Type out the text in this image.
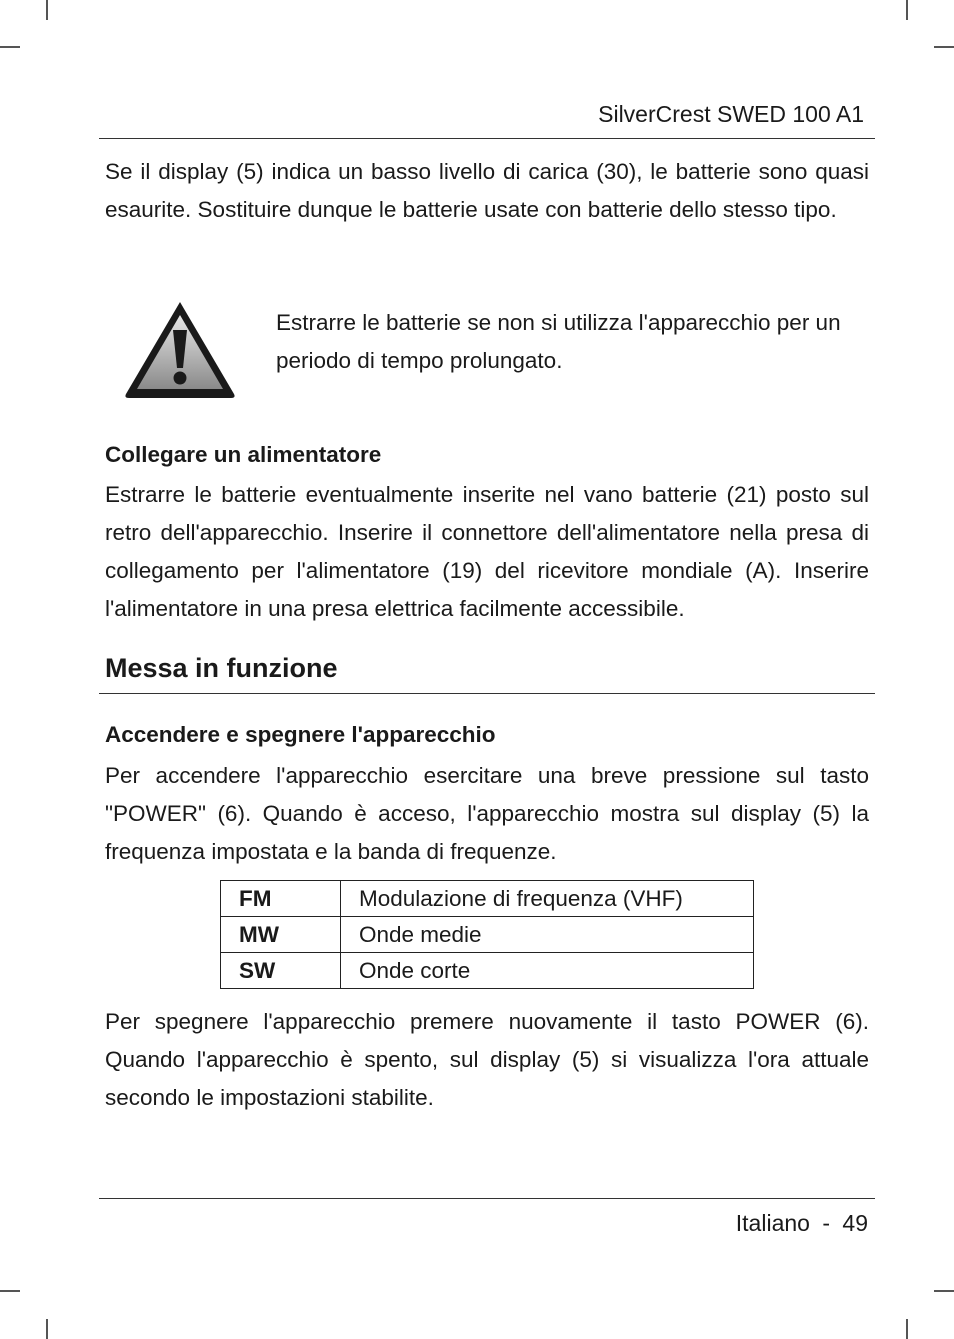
SilverCrest SWED 100 A1

Se il display (5) indica un basso livello di carica (30), le batterie sono quasi esaurite. Sostituire dunque le batterie usate con batterie dello stesso tipo.

Estrarre le batterie se non si utilizza l'apparecchio per un periodo di tempo prolungato.

Collegare un alimentatore

Estrarre le batterie eventualmente inserite nel vano batterie (21) posto sul retro dell'apparecchio. Inserire il connettore dell'alimentatore nella presa di collegamento per l'alimentatore (19) del ricevitore mondiale (A). Inserire l'alimentatore in una presa elettrica facilmente accessibile.

Messa in funzione
Accendere e spegnere l'apparecchio

Per accendere l'apparecchio esercitare una breve pressione sul tasto "POWER" (6). Quando è acceso, l'apparecchio mostra sul display (5) la frequenza impostata e la banda di frequenze.

FM	Modulazione di frequenza (VHF)
MW	Onde medie
SW	Onde corte

Per spegnere l'apparecchio premere nuovamente il tasto POWER (6). Quando l'apparecchio è spento, sul display (5) si visualizza l'ora attuale secondo le impostazioni stabilite.

Italiano - 49
